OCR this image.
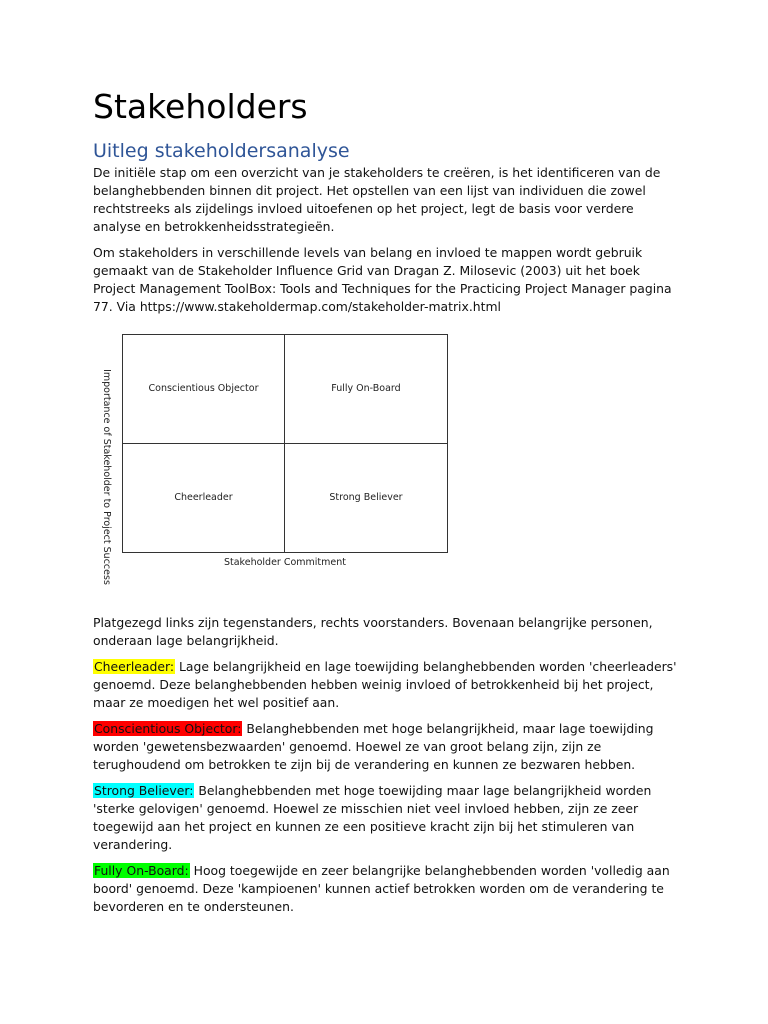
Stakeholders
Uitleg stakeholdersanalyse

De initiële stap om een overzicht van je stakeholders te creëren, is het identificeren van de belanghebbenden binnen dit project. Het opstellen van een lijst van individuen die zowel rechtstreeks als zijdelings invloed uitoefenen op het project, legt de basis voor verdere analyse en betrokkenheidsstrategieën.

Om stakeholders in verschillende levels van belang en invloed te mappen wordt gebruik gemaakt van de Stakeholder Influence Grid van Dragan Z. Milosevic (2003) uit het boek Project Management ToolBox: Tools and Techniques for the Practicing Project Manager pagina 77. Via https://www.stakeholdermap.com/stakeholder-matrix.html

Importance of Stakeholder to Project Success	Conscientious Objector	Fully On-Board
Cheerleader	Strong Believer
Stakeholder Commitment

Platgezegd links zijn tegenstanders, rechts voorstanders. Bovenaan belangrijke personen, onderaan lage belangrijkheid.

Cheerleader: Lage belangrijkheid en lage toewijding belanghebbenden worden 'cheerleaders' genoemd. Deze belanghebbenden hebben weinig invloed of betrokkenheid bij het project, maar ze moedigen het wel positief aan.

Conscientious Objector: Belanghebbenden met hoge belangrijkheid, maar lage toewijding worden 'gewetensbezwaarden' genoemd. Hoewel ze van groot belang zijn, zijn ze terughoudend om betrokken te zijn bij de verandering en kunnen ze bezwaren hebben.

Strong Believer: Belanghebbenden met hoge toewijding maar lage belangrijkheid worden 'sterke gelovigen' genoemd. Hoewel ze misschien niet veel invloed hebben, zijn ze zeer toegewijd aan het project en kunnen ze een positieve kracht zijn bij het stimuleren van verandering.

Fully On-Board: Hoog toegewijde en zeer belangrijke belanghebbenden worden 'volledig aan boord' genoemd. Deze 'kampioenen' kunnen actief betrokken worden om de verandering te bevorderen en te ondersteunen.
